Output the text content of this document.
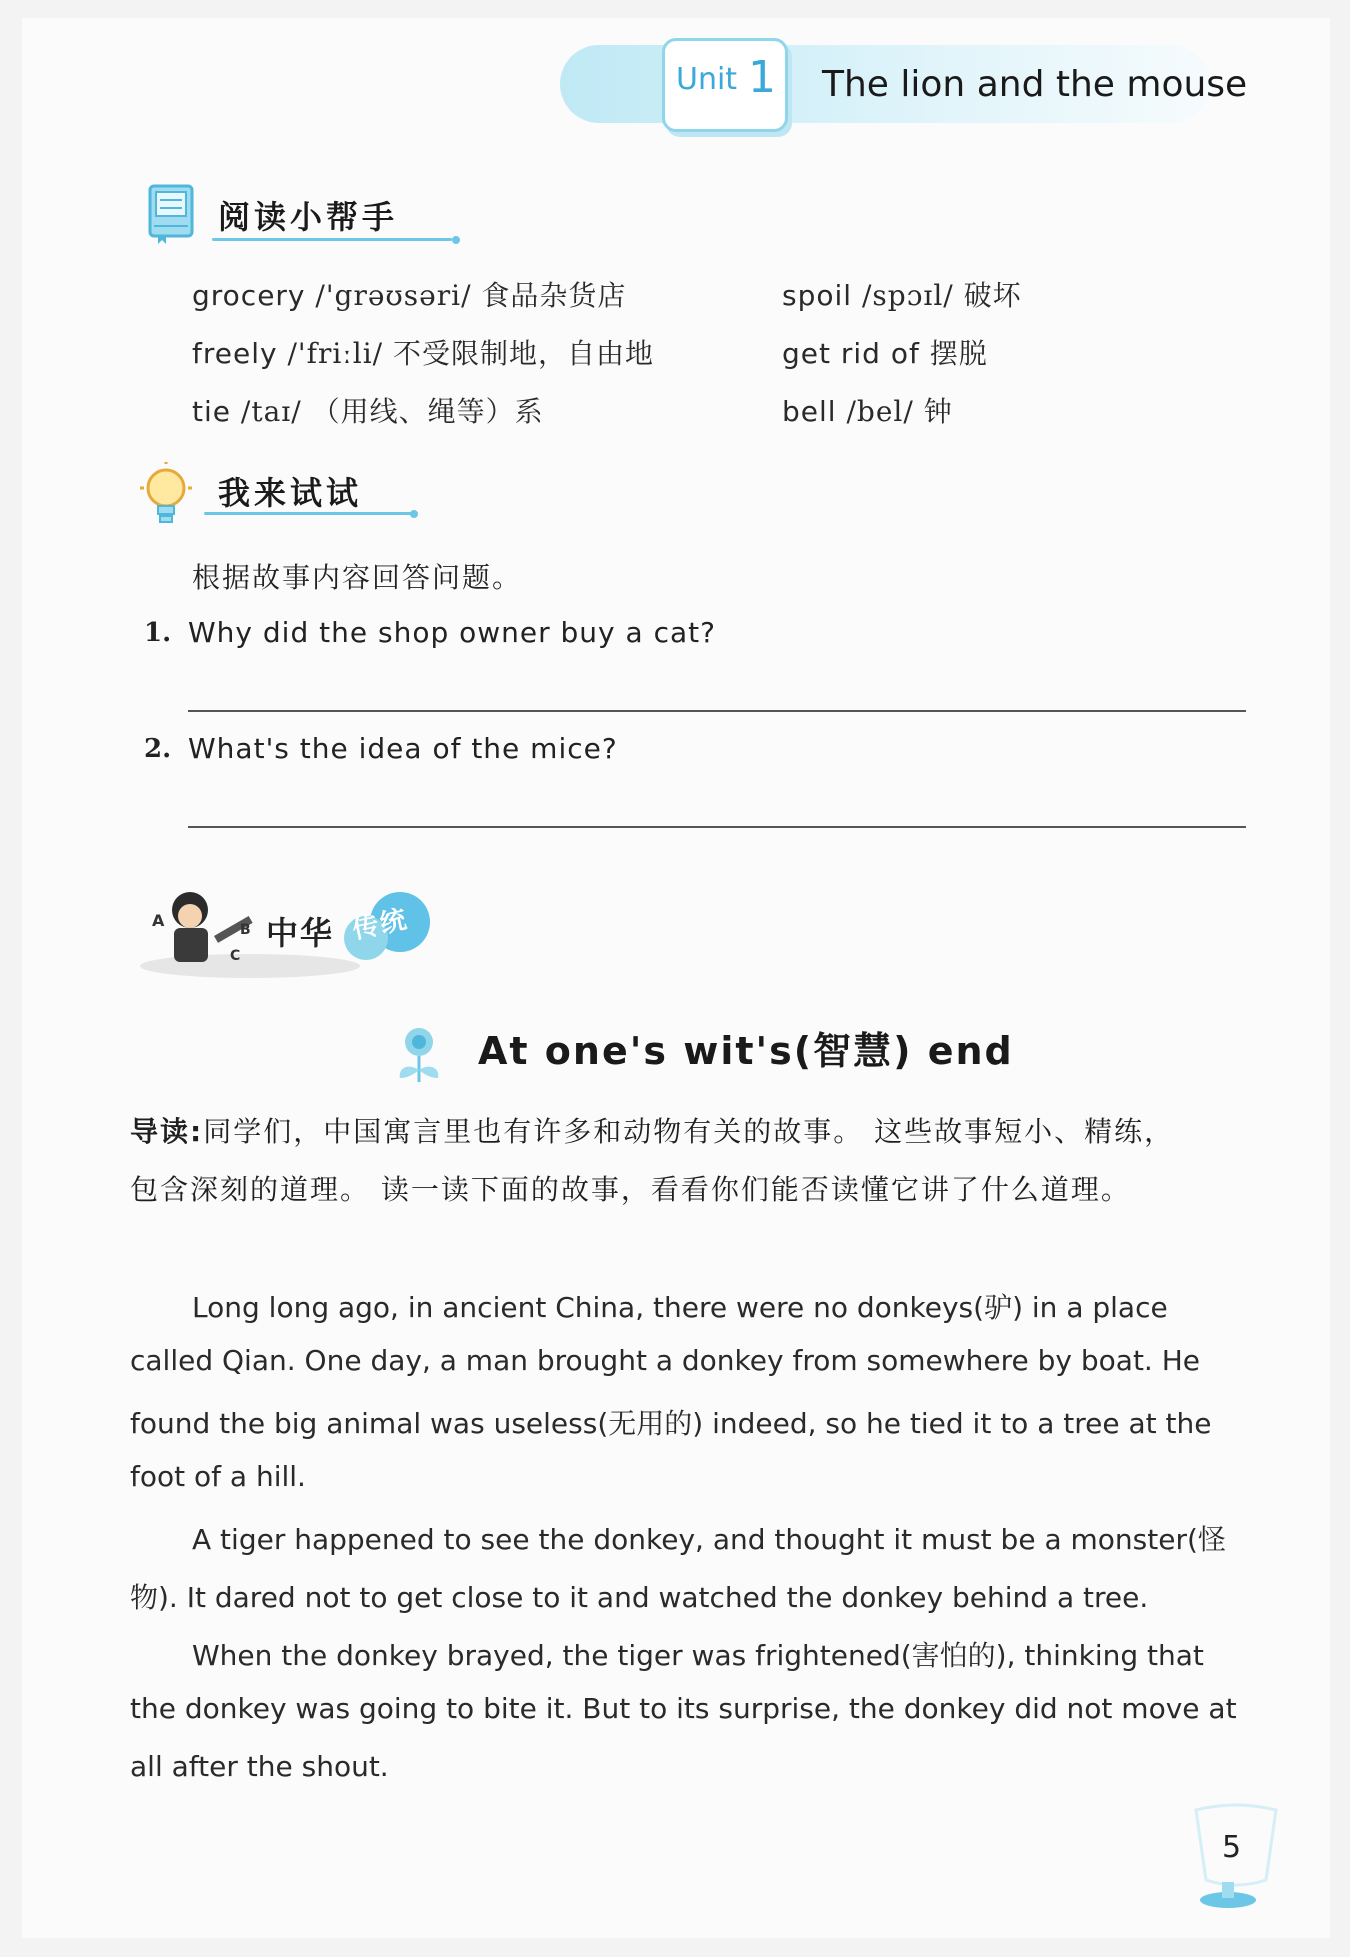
Unit 1 The lion and the mouse
阅读小帮手
grocery /'grəʊsəri/ 食品杂货店
freely /'friːli/ 不受限制地，自由地
tie /taɪ/ （用线、绳等）系
spoil /spɔɪl/ 破坏
get rid of 摆脱
bell /bel/ 钟
我来试试
根据故事内容回答问题。
1. Why did the shop owner buy a cat?
2. What's the idea of the mice?
A	B
C
中华 传统
At one's wit's(智慧) end
导读:同学们，中国寓言里也有许多和动物有关的故事。 这些故事短小、精练，
包含深刻的道理。 读一读下面的故事，看看你们能否读懂它讲了什么道理。
Long long ago, in ancient China, there were no donkeys(驴) in a place
called Qian. One day, a man brought a donkey from somewhere by boat. He
found the big animal was useless(无用的) indeed, so he tied it to a tree at the
foot of a hill.
A tiger happened to see the donkey, and thought it must be a monster(怪
物). It dared not to get close to it and watched the donkey behind a tree.
When the donkey brayed, the tiger was frightened(害怕的), thinking that
the donkey was going to bite it. But to its surprise, the donkey did not move at
all after the shout.
5
